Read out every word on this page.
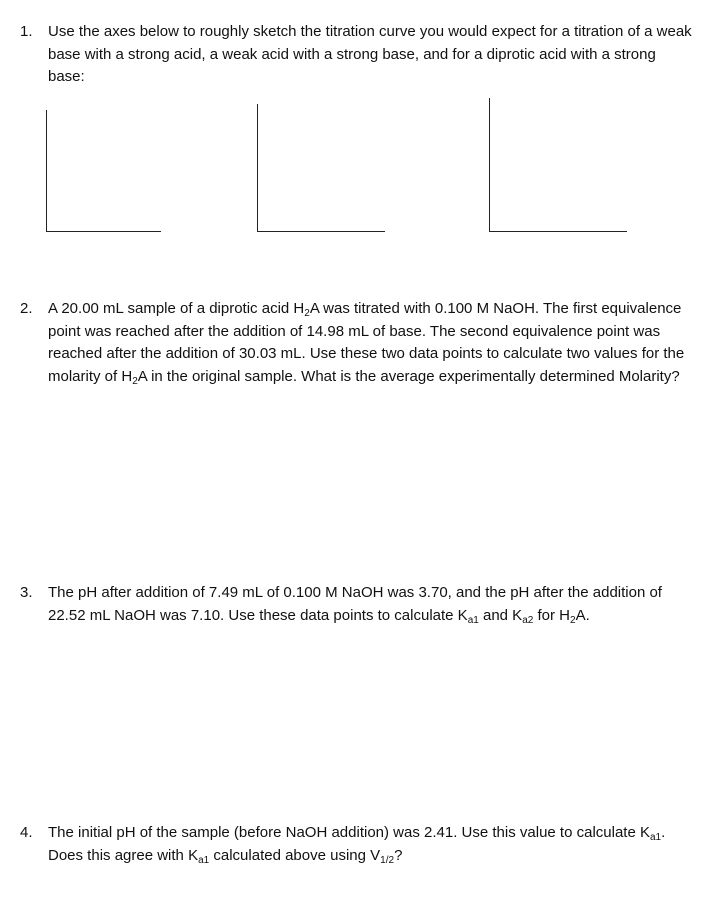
1. Use the axes below to roughly sketch the titration curve you would expect for a titration of a weak base with a strong acid, a weak acid with a strong base, and for a diprotic acid with a strong base:
2. A 20.00 mL sample of a diprotic acid $H_2A$ was titrated with 0.100 M NaOH. The first equivalence point was reached after the addition of 14.98 mL of base. The second equivalence point was reached after the addition of 30.03 mL. Use these two data points to calculate two values for the molarity of $H_2A$ in the original sample. What is the average experimentally determined Molarity?
3. The pH after addition of 7.49 mL of 0.100 M NaOH was 3.70, and the pH after the addition of 22.52 mL NaOH was 7.10. Use these data points to calculate $K_{a1}$ and $K_{a2}$ for $H_2A$.
4. The initial pH of the sample (before NaOH addition) was 2.41. Use this value to calculate $K_{a1}$. Does this agree with $K_{a1}$ calculated above using $V_{1/2}$?
